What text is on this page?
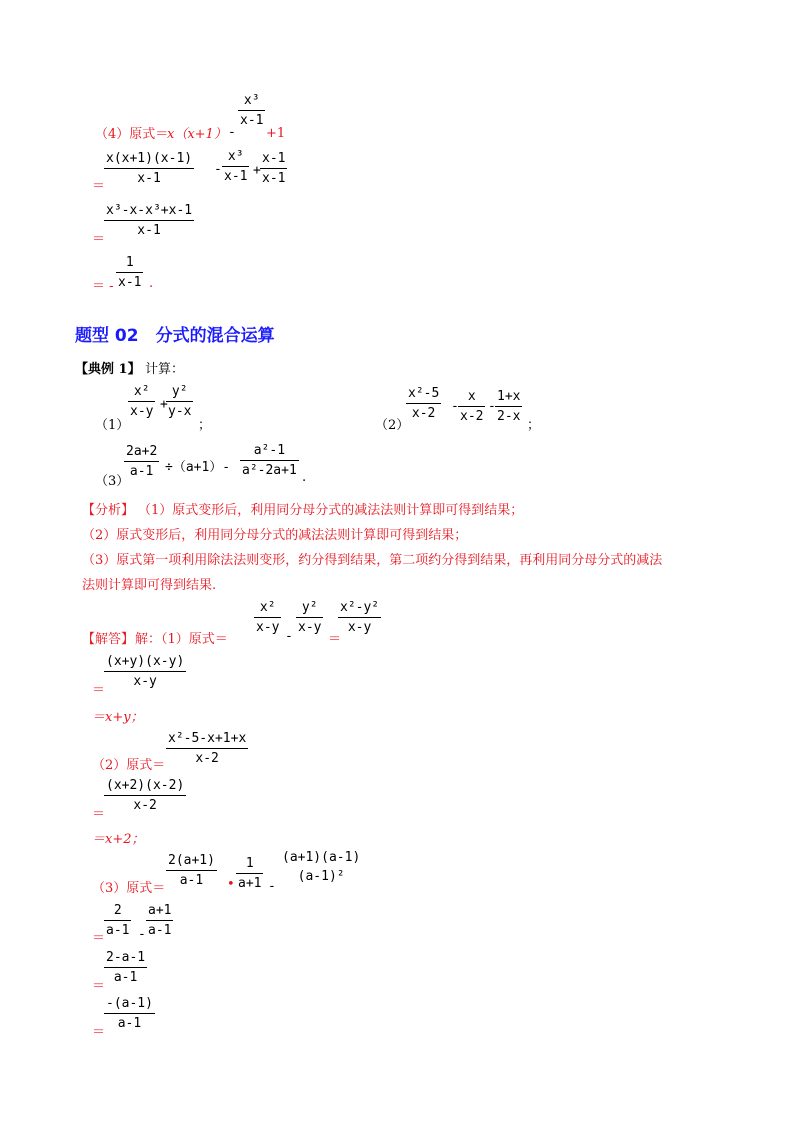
（4）原式＝
x（x+1） -
$\frac{\text{x³}}{x-1}$
+1
＝
$\frac{x(x+1)(x-1)}{x-1} - \frac{\text{x³}}{x-1} + \frac{x-1}{x-1}$
＝
$\frac{\text{x³-x-x³+x-1}}{x-1}$
＝ - $\frac{1}{x-1}$ .
题型 02　分式的混合运算
【典例 1】 计算：
（1）
$\frac{\text{x²}}{x-y}$ +
$\frac{\text{y²}}{y-x}$
；	（2）
$\frac{\text{x²-5}}{x-2} - \frac{x}{x-2} - \frac{1+x}{2-x}$
；
（3）
$\frac{2a+2}{a-1} \div(a+1)- \frac{\text{a²-1}}{\text{a²-2a+1}}$ .
【分析】 （1）原式变形后，利用同分母分式的减法法则计算即可得到结果；
（2）原式变形后，利用同分母分式的减法法则计算即可得到结果；
（3）原式第一项利用除法法则变形，约分得到结果，第二项约分得到结果，再利用同分母分式的减法
法则计算即可得到结果.
【解答】 解：（1）原式＝
$\frac{\text{x²}}{x-y}$
-
$\frac{\text{y²}}{x-y}$
＝
$\frac{\text{x²-y²}}{x-y}$
＝
$\frac{(x+y)(x-y)}{x-y}$
＝x+y；
（2）原式＝ $\frac{\text{x²-5-x+1+x}}{x-2}$
＝
$\frac{(x+2)(x-2)}{x-2}$
＝x+2；
（3）原式＝
$\frac{2(a+1)}{a-1}$ • $\frac{1}{a+1}$ -
(a+1)(a-1)
(a-1)²
＝
$\frac{2}{a-1} - \frac{a+1}{a-1}$
＝
$\frac{2-a-1}{a-1}$
＝
$\frac{-(a-1)}{a-1}$
